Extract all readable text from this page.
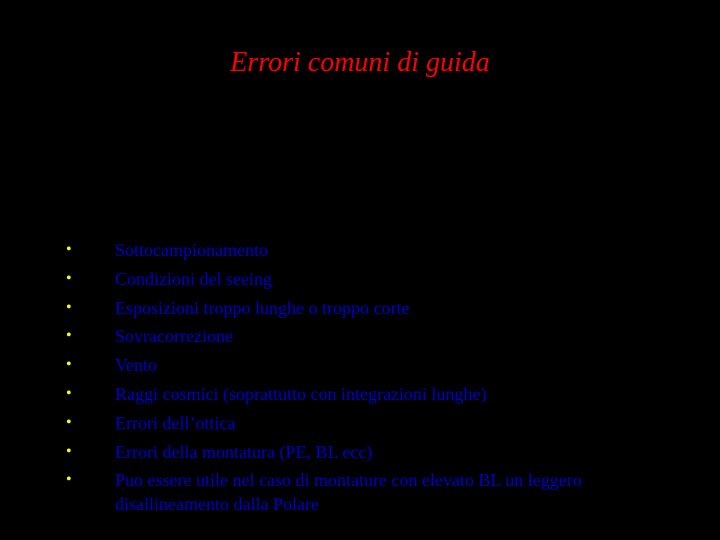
Errori comuni di guida
• Sottocampionamento
• Condizioni del seeing
• Esposizioni troppo lunghe o troppo corte
• Sovracorrezione
• Vento
• Raggi cosmici (soprattutto con integrazioni lunghe)
• Errori dell’ottica
• Errori della montatura (PE, BL ecc)
• Puo essere utile nel caso di montature con elevato BL un leggero disallineamento dalla Polare
